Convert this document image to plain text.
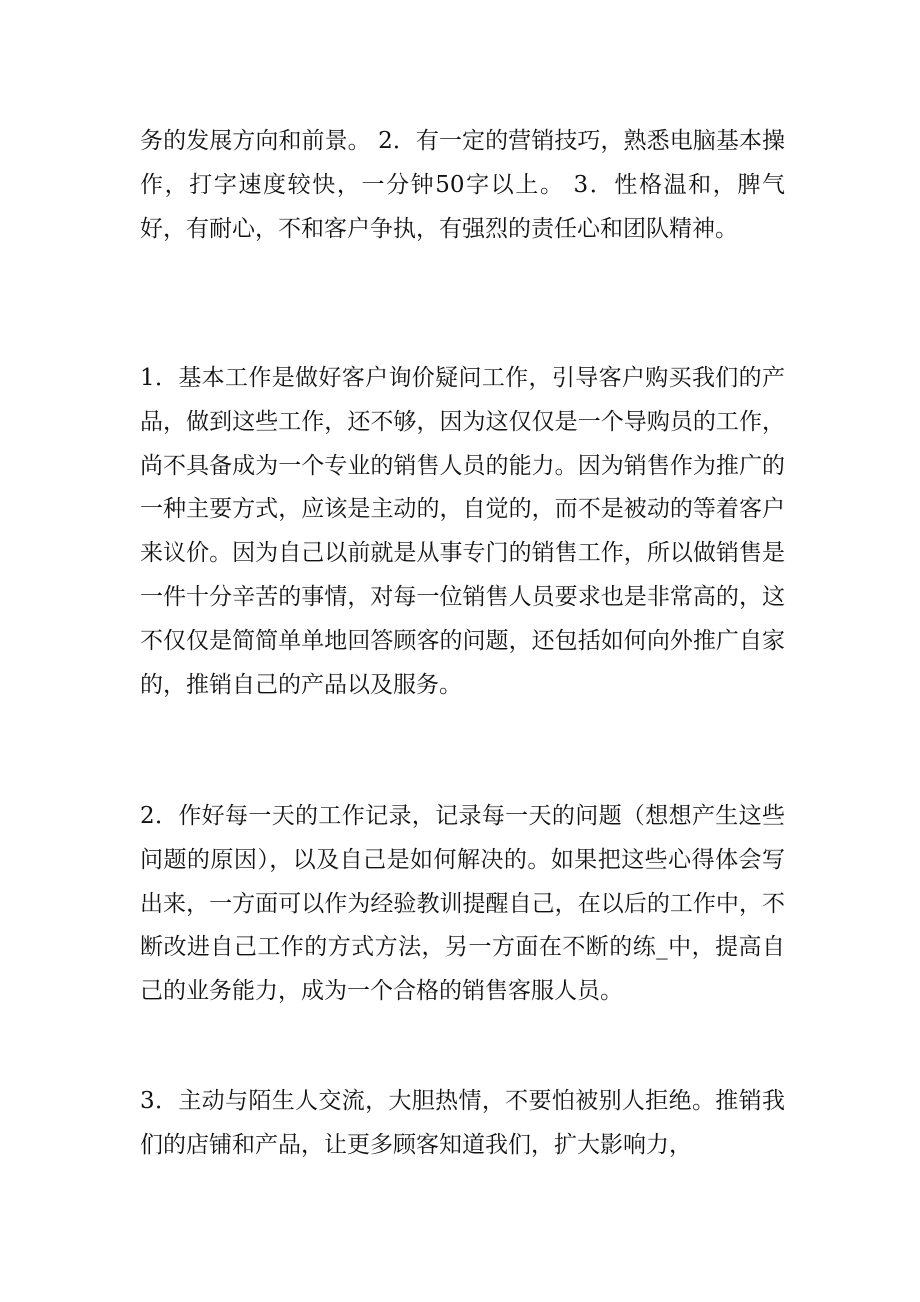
务的发展方向和前景。 2．有一定的营销技巧，熟悉电脑基本操作，打字速度较快，一分钟50字以上。 3．性格温和，脾气好，有耐心，不和客户争执，有强烈的责任心和团队精神。

1．基本工作是做好客户询价疑问工作，引导客户购买我们的产品，做到这些工作，还不够，因为这仅仅是一个导购员的工作，尚不具备成为一个专业的销售人员的能力。因为销售作为推广的一种主要方式，应该是主动的，自觉的，而不是被动的等着客户来议价。因为自己以前就是从事专门的销售工作，所以做销售是一件十分辛苦的事情，对每一位销售人员要求也是非常高的，这不仅仅是简简单单地回答顾客的问题，还包括如何向外推广自家的，推销自己的产品以及服务。

2．作好每一天的工作记录，记录每一天的问题（想想产生这些问题的原因），以及自己是如何解决的。如果把这些心得体会写出来，一方面可以作为经验教训提醒自己，在以后的工作中，不断改进自己工作的方式方法，另一方面在不断的练_中，提高自己的业务能力，成为一个合格的销售客服人员。

3．主动与陌生人交流，大胆热情，不要怕被别人拒绝。推销我们的店铺和产品，让更多顾客知道我们，扩大影响力，
